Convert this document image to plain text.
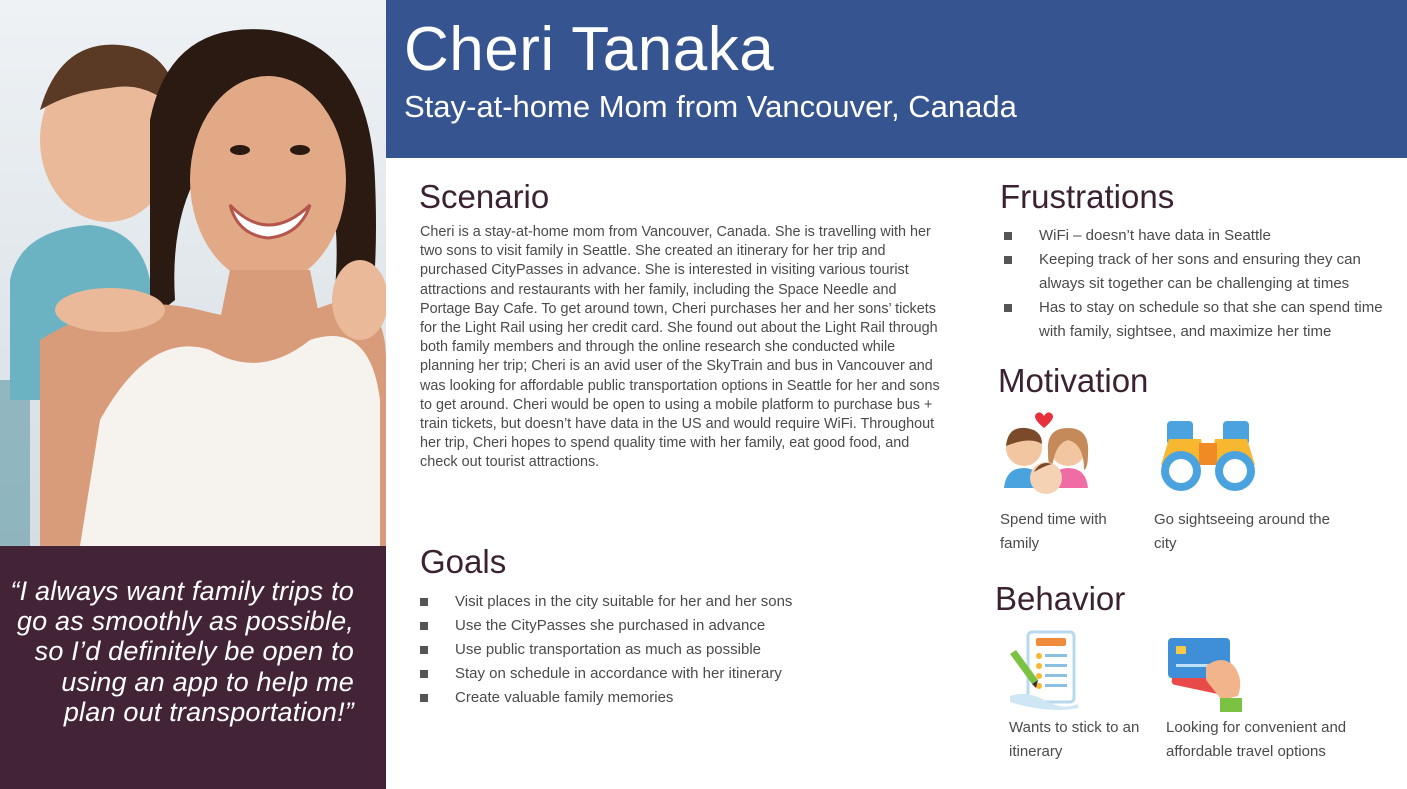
“I always want family trips to go as smoothly as possible, so I’d definitely be open to using an app to help me plan out transportation!”

Cheri Tanaka
Stay-at-home Mom from Vancouver, Canada
Scenario

Cheri is a stay-at-home mom from Vancouver, Canada. She is travelling with her two sons to visit family in Seattle. She created an itinerary for her trip and purchased CityPasses in advance. She is interested in visiting various tourist attractions and restaurants with her family, including the Space Needle and Portage Bay Cafe. To get around town, Cheri purchases her and her sons’ tickets for the Light Rail using her credit card. She found out about the Light Rail through both family members and through the online research she conducted while planning her trip; Cheri is an avid user of the SkyTrain and bus in Vancouver and was looking for affordable public transportation options in Seattle for her and sons to get around. Cheri would be open to using a mobile platform to purchase bus + train tickets, but doesn’t have data in the US and would require WiFi. Throughout her trip, Cheri hopes to spend quality time with her family, eat good food, and check out tourist attractions.

Goals
Visit places in the city suitable for her and her sons
Use the CityPasses she purchased in advance
Use public transportation as much as possible
Stay on schedule in accordance with her itinerary
Create valuable family memories
Frustrations
WiFi – doesn’t have data in Seattle
Keeping track of her sons and ensuring they can always sit together can be challenging at times
Has to stay on schedule so that she can spend time with family, sightsee, and maximize her time
Motivation
Spend time with family
Go sightseeing around the city
Behavior
Wants to stick to an itinerary
Looking for convenient and affordable travel options
